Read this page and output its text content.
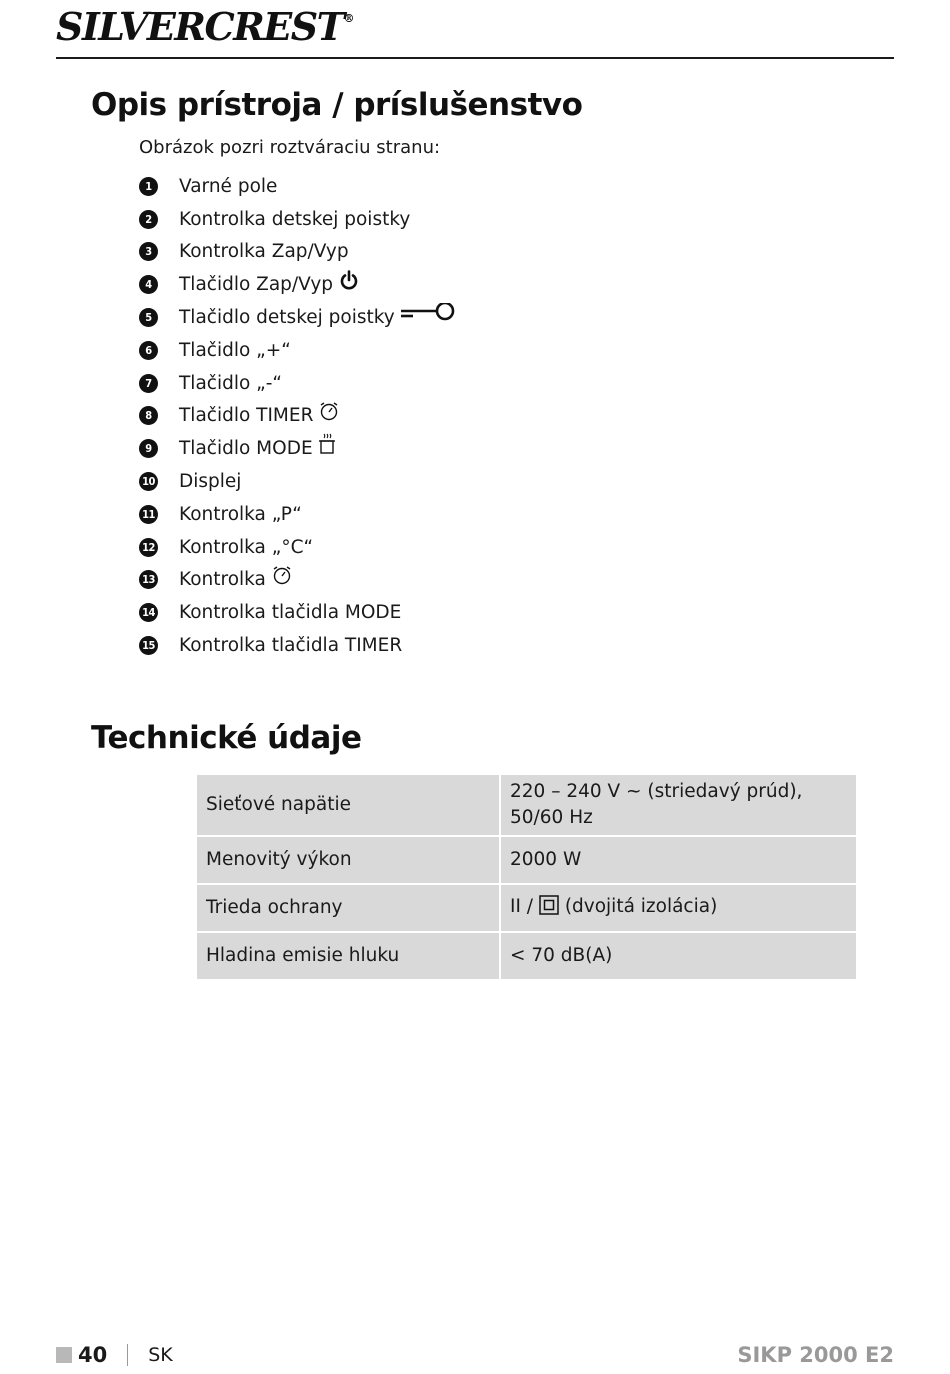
SILVERCREST®
Opis prístroja / príslušenstvo
Obrázok pozri roztváraciu stranu:
1	Varné pole
2	Kontrolka detskej poistky
3	Kontrolka Zap/Vyp
4	Tlačidlo Zap/Vyp
5	Tlačidlo detskej poistky
6	Tlačidlo „+“
7	Tlačidlo „-“
8	Tlačidlo TIMER
9	Tlačidlo MODE
10 Displej
11 Kontrolka „P“
12 Kontrolka „°C“
13 Kontrolka
14 Kontrolka tlačidla MODE
15 Kontrolka tlačidla TIMER
Technické údaje
Sieťové napätie	220 – 240 V ~ (striedavý prúd),
50/60 Hz
Menovitý výkon	2000 W
Trieda ochrany	II / (dvojitá izolácia)
Hladina emisie hluku	< 70 dB(A)
40 SK	SIKP 2000 E2
